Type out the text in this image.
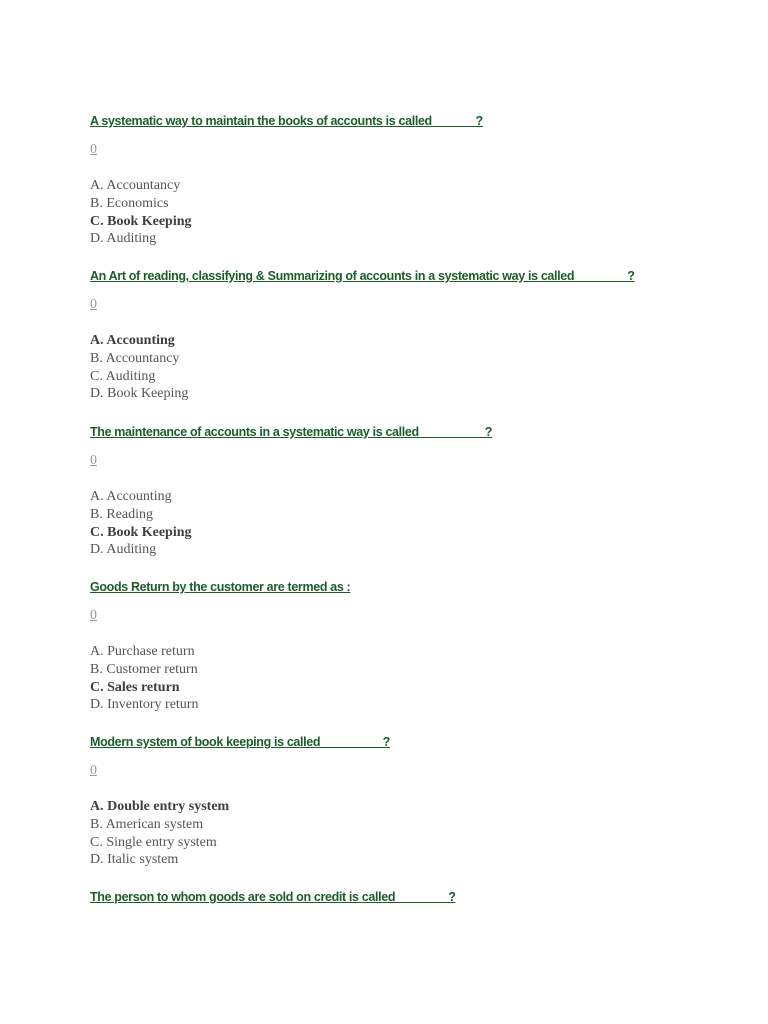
A systematic way to maintain the books of accounts is called              ?
0
A. Accountancy
B. Economics
C. Book Keeping
D. Auditing
An Art of reading, classifying & Summarizing of accounts in a systematic way is called                 ?
0
A. Accounting
B. Accountancy
C. Auditing
D. Book Keeping
The maintenance of accounts in a systematic way is called__________?
0
A. Accounting
B. Reading
C. Book Keeping
D. Auditing
Goods Return by the customer are termed as :
0
A. Purchase return
B. Customer return
C. Sales return
D. Inventory return
Modern system of book keeping is called                    ?
0
A. Double entry system
B. American system
C. Single entry system
D. Italic system
The person to whom goods are sold on credit is called                 ?
